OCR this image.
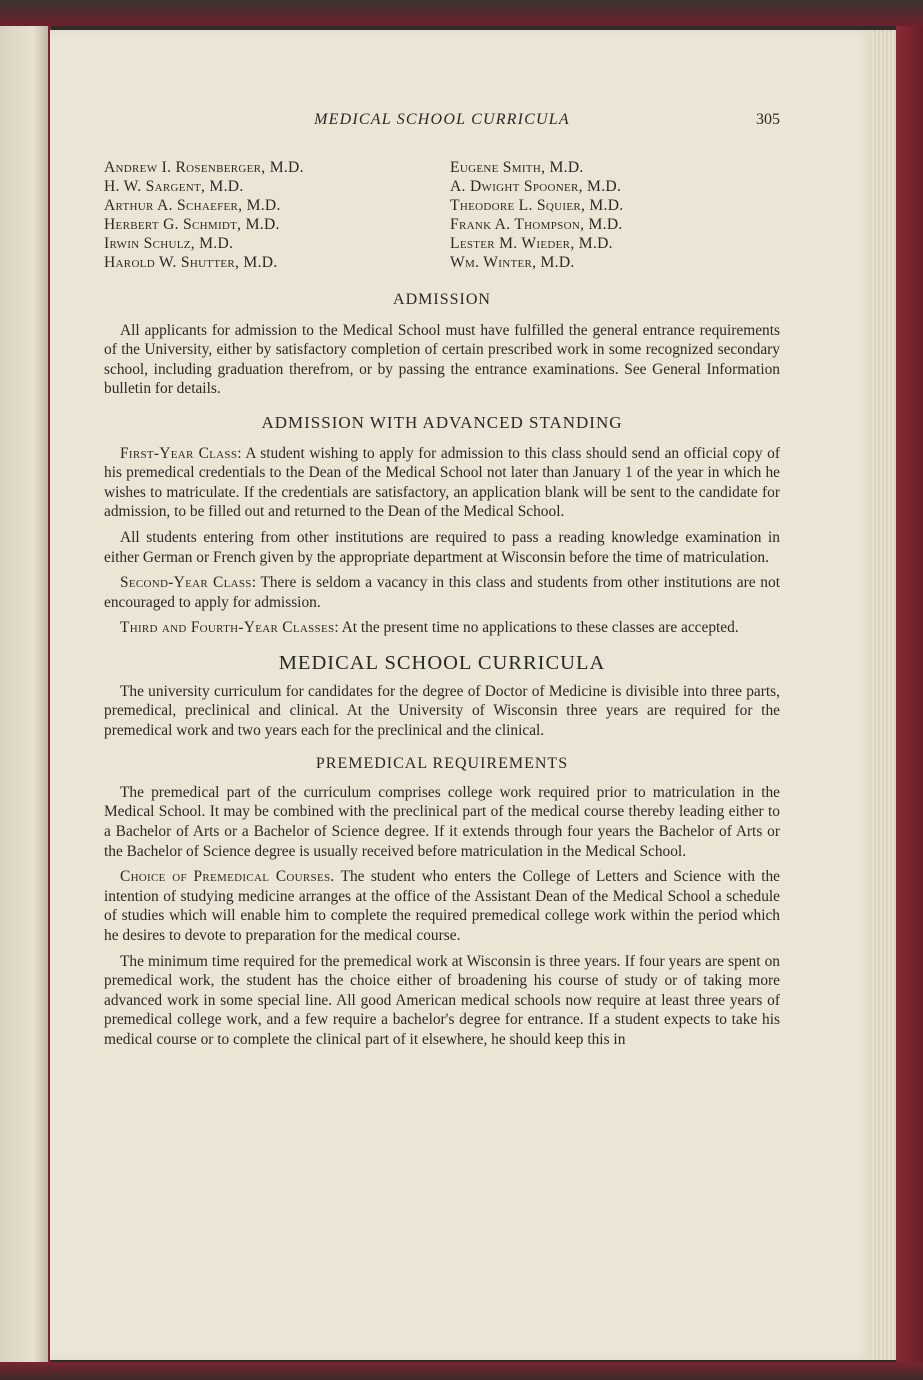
MEDICAL SCHOOL CURRICULA	305
Andrew I. Rosenberger, M.D.
H. W. Sargent, M.D.
Arthur A. Schaefer, M.D.
Herbert G. Schmidt, M.D.
Irwin Schulz, M.D.
Harold W. Shutter, M.D.
Eugene Smith, M.D.
A. Dwight Spooner, M.D.
Theodore L. Squier, M.D.
Frank A. Thompson, M.D.
Lester M. Wieder, M.D.
Wm. Winter, M.D.
ADMISSION

All applicants for admission to the Medical School must have fulfilled the general entrance requirements of the University, either by satisfactory completion of certain prescribed work in some recognized secondary school, including graduation therefrom, or by passing the entrance examinations. See General Information bulletin for details.

ADMISSION WITH ADVANCED STANDING

First-Year Class: A student wishing to apply for admission to this class should send an official copy of his premedical credentials to the Dean of the Medical School not later than January 1 of the year in which he wishes to matriculate. If the credentials are satisfactory, an application blank will be sent to the candidate for admission, to be filled out and returned to the Dean of the Medical School.

All students entering from other institutions are required to pass a reading knowledge examination in either German or French given by the appropriate department at Wisconsin before the time of matriculation.

Second-Year Class: There is seldom a vacancy in this class and students from other institutions are not encouraged to apply for admission.

Third and Fourth-Year Classes: At the present time no applications to these classes are accepted.

MEDICAL SCHOOL CURRICULA

The university curriculum for candidates for the degree of Doctor of Medicine is divisible into three parts, premedical, preclinical and clinical. At the University of Wisconsin three years are required for the premedical work and two years each for the preclinical and the clinical.

PREMEDICAL REQUIREMENTS

The premedical part of the curriculum comprises college work required prior to matriculation in the Medical School. It may be combined with the preclinical part of the medical course thereby leading either to a Bachelor of Arts or a Bachelor of Science degree. If it extends through four years the Bachelor of Arts or the Bachelor of Science degree is usually received before matriculation in the Medical School.

Choice of Premedical Courses. The student who enters the College of Letters and Science with the intention of studying medicine arranges at the office of the Assistant Dean of the Medical School a schedule of studies which will enable him to complete the required premedical college work within the period which he desires to devote to preparation for the medical course.

The minimum time required for the premedical work at Wisconsin is three years. If four years are spent on premedical work, the student has the choice either of broadening his course of study or of taking more advanced work in some special line. All good American medical schools now require at least three years of premedical college work, and a few require a bachelor's degree for entrance. If a student expects to take his medical course or to complete the clinical part of it elsewhere, he should keep this in
